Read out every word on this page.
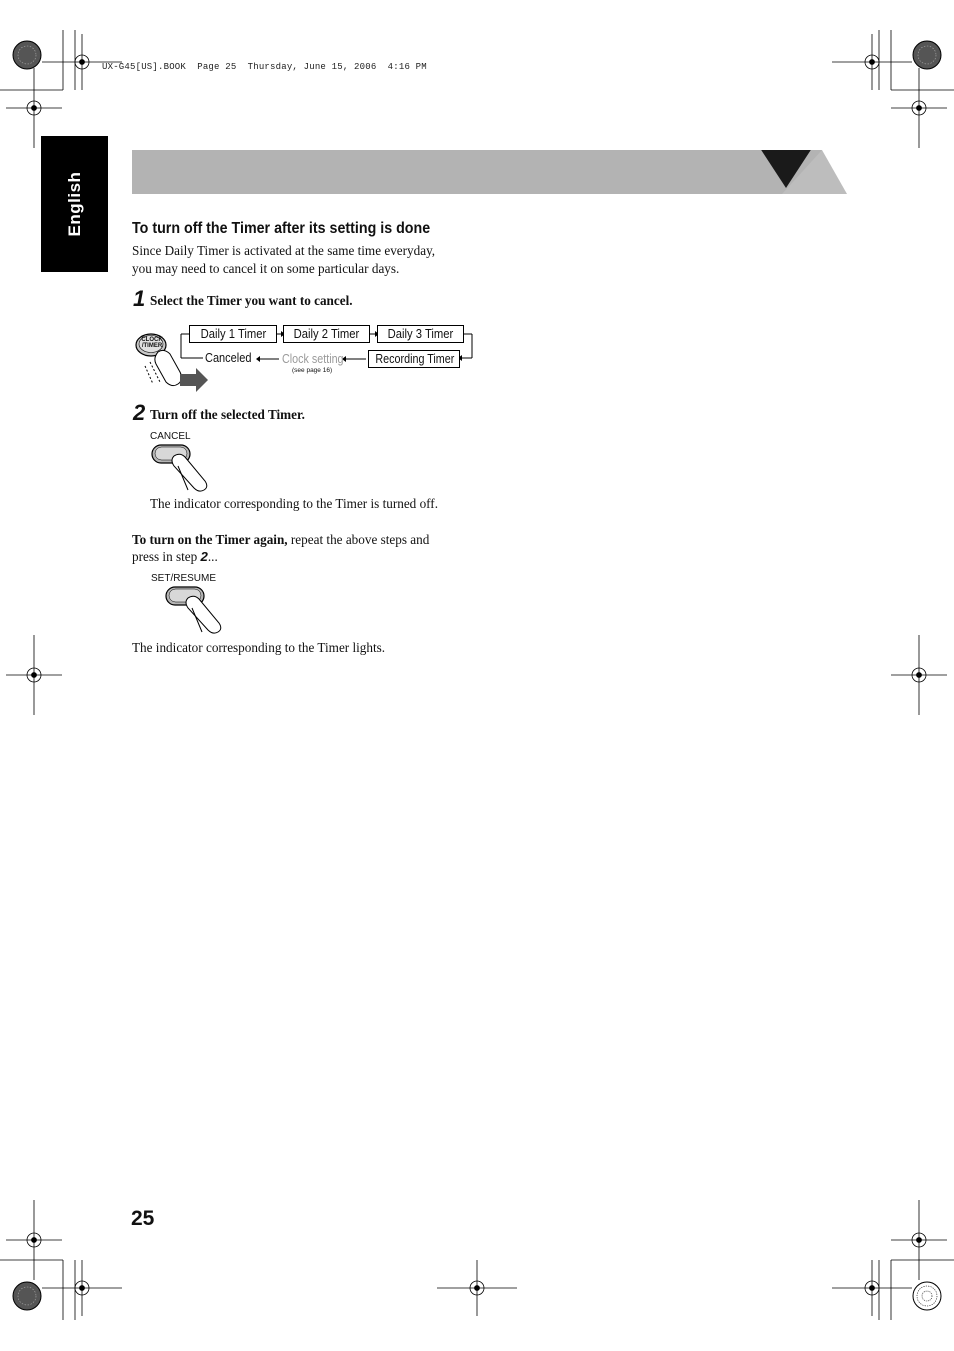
UX-G45[US].BOOK  Page 25  Thursday, June 15, 2006  4:16 PM
English	To turn off the Timer after its setting is done
Since Daily Timer is activated at the same time everyday,
you may need to cancel it on some particular days.
1 Select the Timer you want to cancel.
CLOCK
/TIMER
Daily 1 Timer	Daily 2 Timer	Daily 3 Timer
Recording Timer
Clock setting
(see page 16)
Canceled
2 Turn off the selected Timer.
CANCEL
The indicator corresponding to the Timer is turned off.
To turn on the Timer again, repeat the above steps and
press in step 2...
SET/RESUME
The indicator corresponding to the Timer lights.
25
